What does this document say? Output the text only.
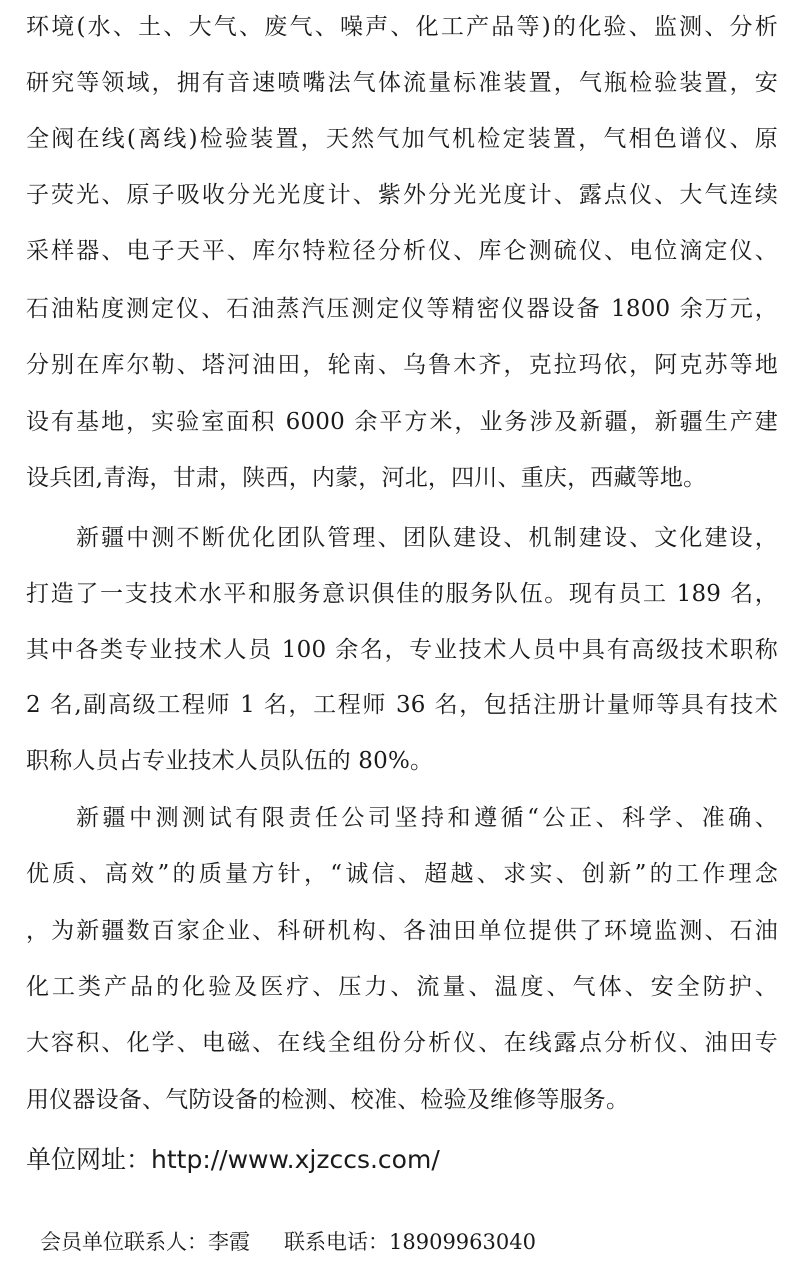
环境(水、土、大气、废气、噪声、化工产品等)的化验、监测、分析
研究等领域，拥有音速喷嘴法气体流量标准装置，气瓶检验装置，安
全阀在线(离线)检验装置，天然气加气机检定装置，气相色谱仪、原
子荧光、原子吸收分光光度计、紫外分光光度计、露点仪、大气连续
采样器、电子天平、库尔特粒径分析仪、库仑测硫仪、电位滴定仪、
石油粘度测定仪、石油蒸汽压测定仪等精密仪器设备 1800 余万元，
分别在库尔勒、塔河油田，轮南、乌鲁木齐，克拉玛依，阿克苏等地
设有基地，实验室面积 6000 余平方米，业务涉及新疆，新疆生产建
设兵团,青海，甘肃，陕西，内蒙，河北，四川、重庆，西藏等地。
新疆中测不断优化团队管理、团队建设、机制建设、文化建设，
打造了一支技术水平和服务意识俱佳的服务队伍。现有员工 189 名，
其中各类专业技术人员 100 余名，专业技术人员中具有高级技术职称
2 名,副高级工程师 1 名，工程师 36 名，包括注册计量师等具有技术
职称人员占专业技术人员队伍的 80%。
新疆中测测试有限责任公司坚持和遵循“公正、科学、准确、
优质、高效”的质量方针，“诚信、超越、求实、创新”的工作理念
，为新疆数百家企业、科研机构、各油田单位提供了环境监测、石油
化工类产品的化验及医疗、压力、流量、温度、气体、安全防护、
大容积、化学、电磁、在线全组份分析仪、在线露点分析仪、油田专
用仪器设备、气防设备的检测、校准、检验及维修等服务。
单位网址：http://www.xjzccs.com/
会员单位联系人：李霞 联系电话：18909963040
